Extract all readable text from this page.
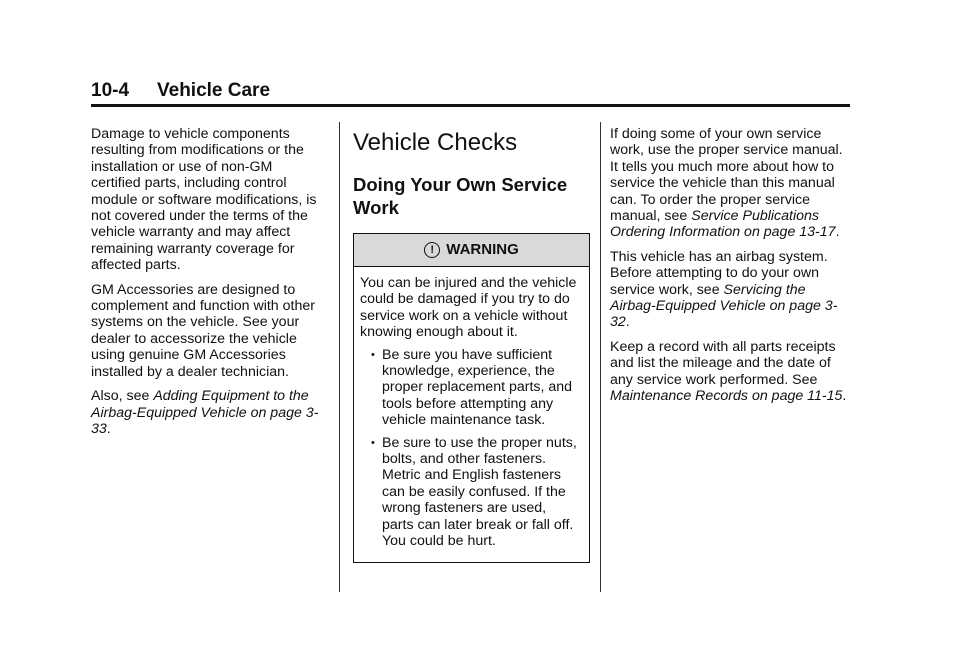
10-4 Vehicle Care

Damage to vehicle components resulting from modifications or the installation or use of non-GM certified parts, including control module or software modifications, is not covered under the terms of the vehicle warranty and may affect remaining warranty coverage for affected parts.

GM Accessories are designed to complement and function with other systems on the vehicle. See your dealer to accessorize the vehicle using genuine GM Accessories installed by a dealer technician.

Also, see Adding Equipment to the Airbag-Equipped Vehicle on page 3-33.

Vehicle Checks
Doing Your Own Service Work
! WARNING

You can be injured and the vehicle could be damaged if you try to do service work on a vehicle without knowing enough about it.

• Be sure you have sufficient knowledge, experience, the proper replacement parts, and tools before attempting any vehicle maintenance task.
• Be sure to use the proper nuts, bolts, and other fasteners. Metric and English fasteners can be easily confused. If the wrong fasteners are used, parts can later break or fall off. You could be hurt.

If doing some of your own service work, use the proper service manual. It tells you much more about how to service the vehicle than this manual can. To order the proper service manual, see Service Publications Ordering Information on page 13-17.

This vehicle has an airbag system. Before attempting to do your own service work, see Servicing the Airbag-Equipped Vehicle on page 3-32.

Keep a record with all parts receipts and list the mileage and the date of any service work performed. See Maintenance Records on page 11-15.
